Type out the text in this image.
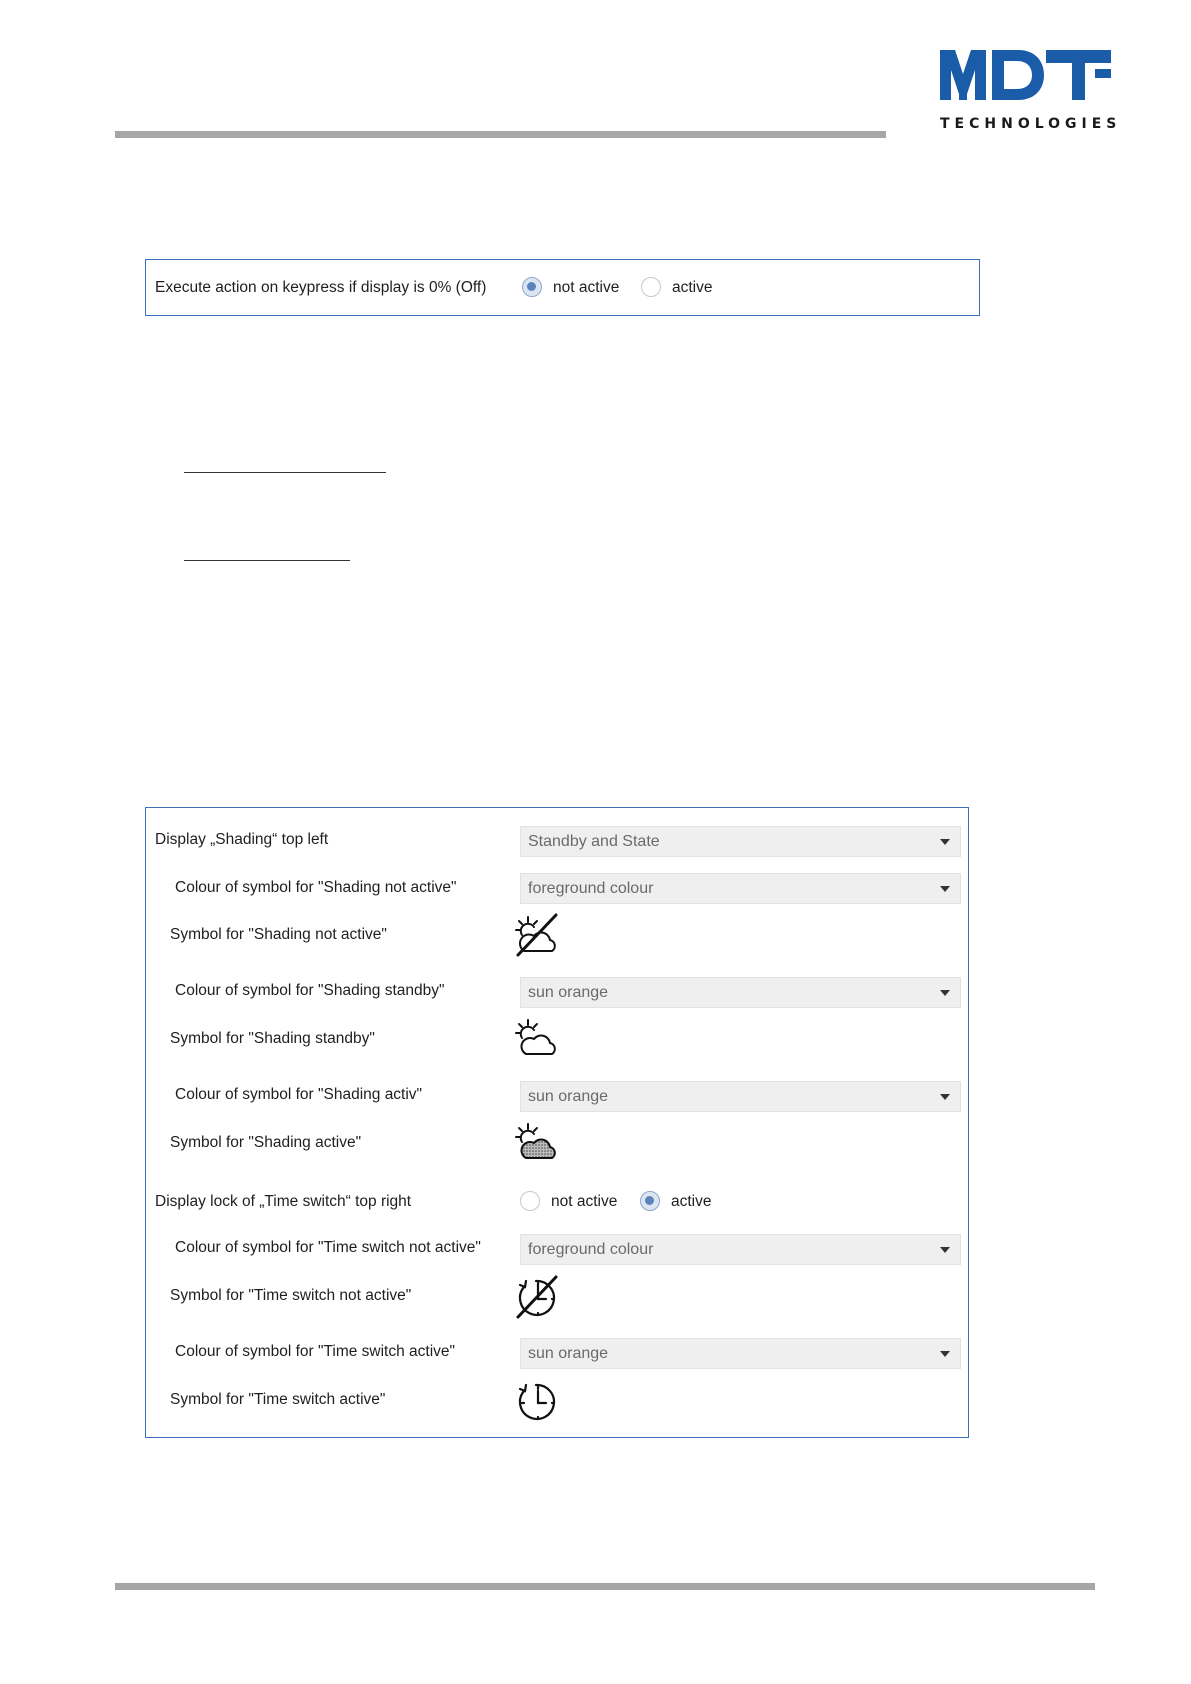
TECHNOLOGIES
Execute action on keypress if display is 0% (Off)	not active	active
Display „Shading“ top left	Standby and State
Colour of symbol for "Shading not active"	foreground colour
Symbol for "Shading not active"
Colour of symbol for "Shading standby"	sun orange
Symbol for "Shading standby"
Colour of symbol for "Shading activ"	sun orange
Symbol for "Shading active"
Display lock of „Time switch“ top right	not active	active
Colour of symbol for "Time switch not active"	foreground colour
Symbol for "Time switch not active"
Colour of symbol for "Time switch active"	sun orange
Symbol for "Time switch active"
